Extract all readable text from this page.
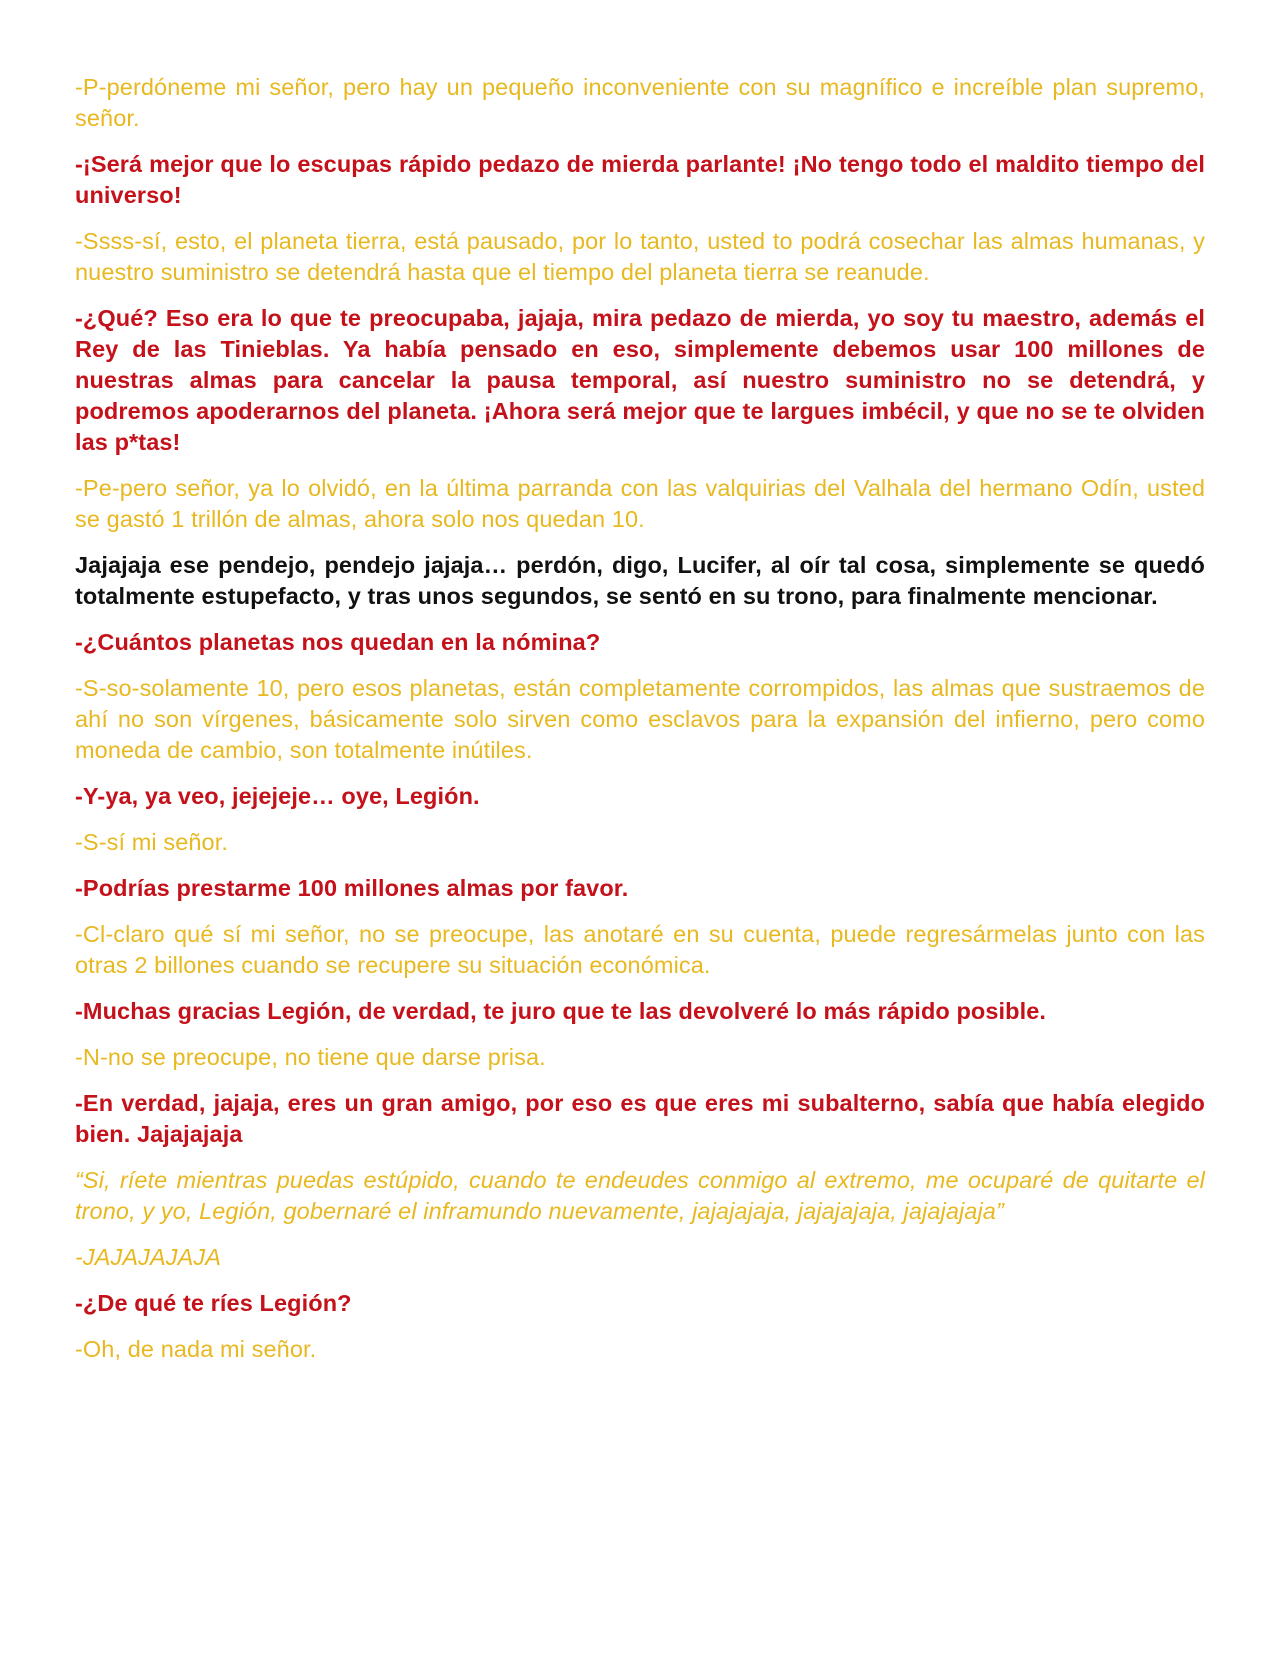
-P-perdóneme mi señor, pero hay un pequeño inconveniente con su magnífico e increíble plan supremo, señor.

-¡Será mejor que lo escupas rápido pedazo de mierda parlante! ¡No tengo todo el maldito tiempo del universo!

-Ssss-sí, esto, el planeta tierra, está pausado, por lo tanto, usted to podrá cosechar las almas humanas, y nuestro suministro se detendrá hasta que el tiempo del planeta tierra se reanude.

-¿Qué? Eso era lo que te preocupaba, jajaja, mira pedazo de mierda, yo soy tu maestro, además el Rey de las Tinieblas. Ya había pensado en eso, simplemente debemos usar 100 millones de nuestras almas para cancelar la pausa temporal, así nuestro suministro no se detendrá, y podremos apoderarnos del planeta. ¡Ahora será mejor que te largues imbécil, y que no se te olviden las p*tas!

-Pe-pero señor, ya lo olvidó, en la última parranda con las valquirias del Valhala del hermano Odín, usted se gastó 1 trillón de almas, ahora solo nos quedan 10.

Jajajaja ese pendejo, pendejo jajaja… perdón, digo, Lucifer, al oír tal cosa, simplemente se quedó totalmente estupefacto, y tras unos segundos, se sentó en su trono, para finalmente mencionar.

-¿Cuántos planetas nos quedan en la nómina?

-S-so-solamente 10, pero esos planetas, están completamente corrompidos, las almas que sustraemos de ahí no son vírgenes, básicamente solo sirven como esclavos para la expansión del infierno, pero como moneda de cambio, son totalmente inútiles.

-Y-ya, ya veo, jejejeje… oye, Legión.

-S-sí mi señor.

-Podrías prestarme 100 millones almas por favor.

-Cl-claro qué sí mi señor, no se preocupe, las anotaré en su cuenta, puede regresármelas junto con las otras 2 billones cuando se recupere su situación económica.

-Muchas gracias Legión, de verdad, te juro que te las devolveré lo más rápido posible.

-N-no se preocupe, no tiene que darse prisa.

-En verdad, jajaja, eres un gran amigo, por eso es que eres mi subalterno, sabía que había elegido bien. Jajajajaja

“Si, ríete mientras puedas estúpido, cuando te endeudes conmigo al extremo, me ocuparé de quitarte el trono, y yo, Legión, gobernaré el inframundo nuevamente, jajajajaja, jajajajaja, jajajajaja”

-JAJAJAJAJA

-¿De qué te ríes Legión?

-Oh, de nada mi señor.
